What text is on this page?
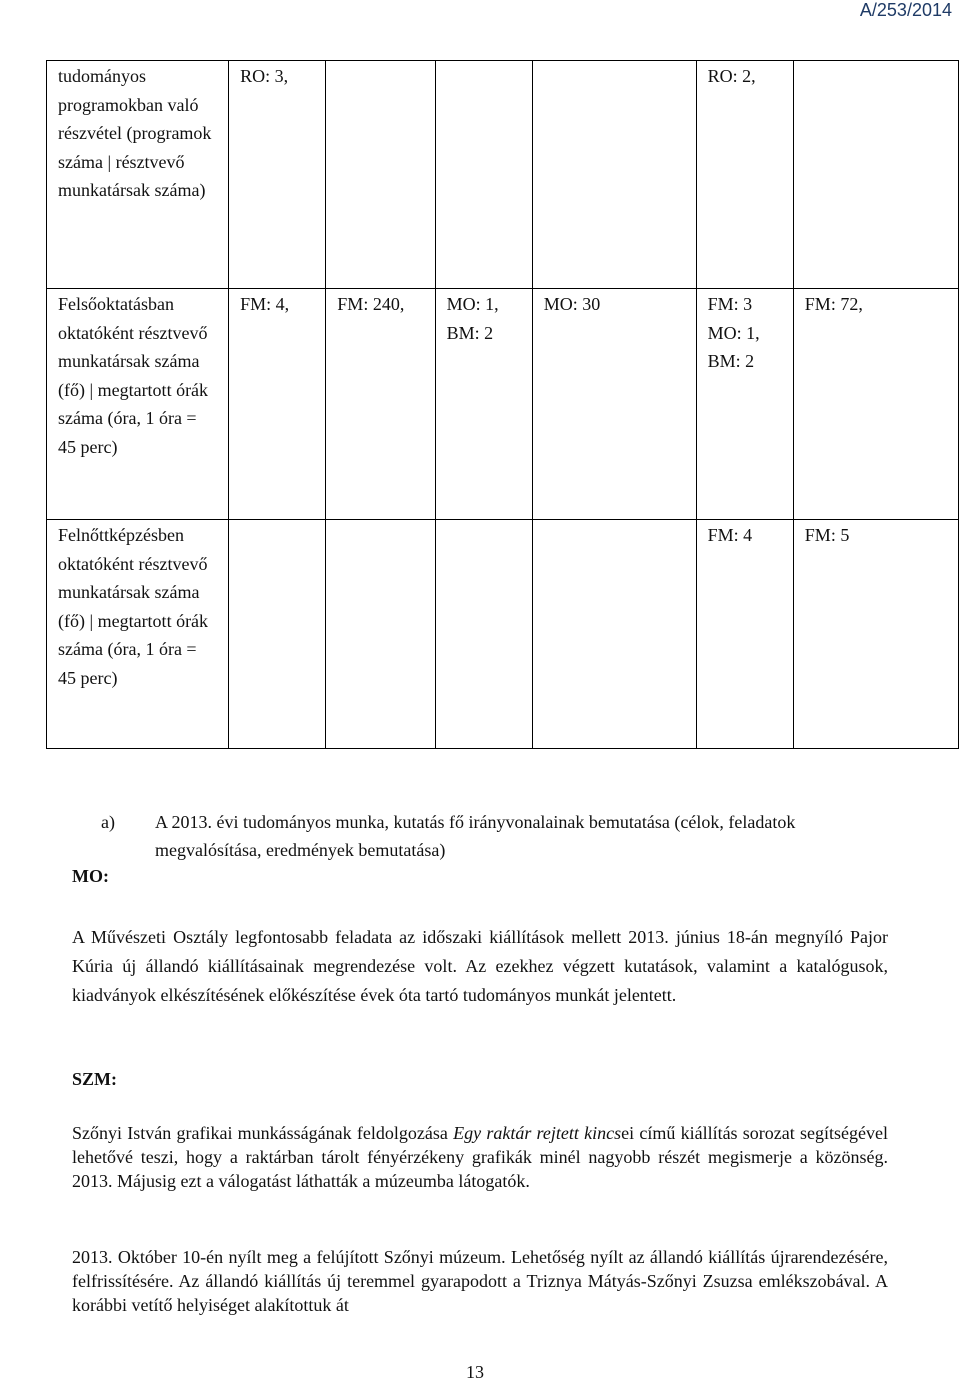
A/253/2014
tudományos programokban való részvétel (programok száma | résztvevő munkatársak száma)	RO: 3,				RO: 2,	
Felsőoktatásban oktatóként résztvevő munkatársak száma (fő) | megtartott órák száma (óra, 1 óra = 45 perc)	FM: 4,	FM: 240,	MO: 1, BM: 2	MO: 30	FM: 3 MO: 1, BM: 2	FM: 72,
Felnőttképzésben oktatóként résztvevő munkatársak száma (fő) | megtartott órák száma (óra, 1 óra = 45 perc)					FM: 4	FM: 5
a) A 2013. évi tudományos munka, kutatás fő irányvonalainak bemutatása (célok, feladatok megvalósítása, eredmények bemutatása)
MO:
A Művészeti Osztály legfontosabb feladata az időszaki kiállítások mellett 2013. június 18-án megnyíló Pajor Kúria új állandó kiállításainak megrendezése volt. Az ezekhez végzett kutatások, valamint a katalógusok, kiadványok elkészítésének előkészítése évek óta tartó tudományos munkát jelentett.
SZM:
Szőnyi István grafikai munkásságának feldolgozása Egy raktár rejtett kincsei című kiállítás sorozat segítségével lehetővé teszi, hogy a raktárban tárolt fényérzékeny grafikák minél nagyobb részét megismerje a közönség. 2013. Májusig ezt a válogatást láthatták a múzeumba látogatók.
2013. Október 10-én nyílt meg a felújított Szőnyi múzeum. Lehetőség nyílt az állandó kiállítás újrarendezésére, felfrissítésére. Az állandó kiállítás új teremmel gyarapodott a Triznya Mátyás-Szőnyi Zsuzsa emlékszobával. A korábbi vetítő helyiséget alakítottuk át
13
